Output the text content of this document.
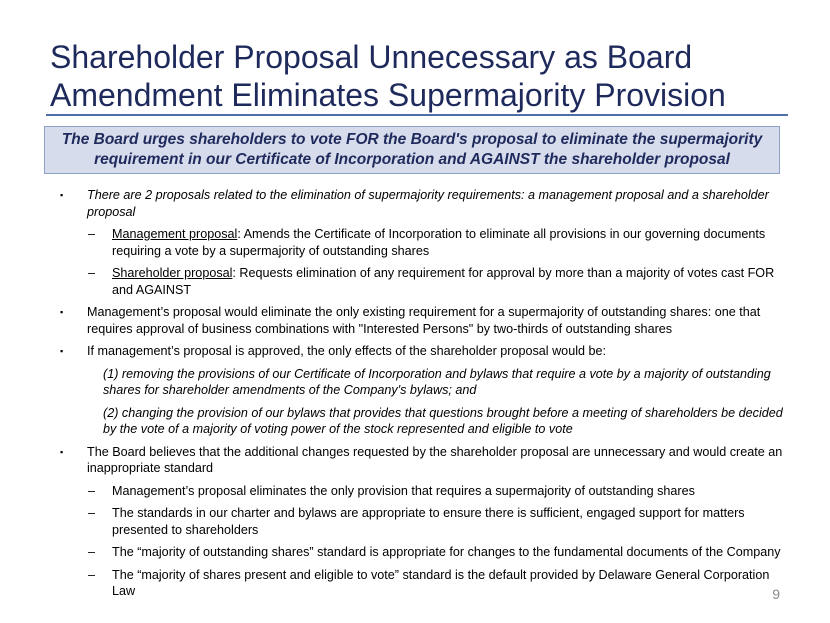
Shareholder Proposal Unnecessary as Board Amendment Eliminates Supermajority Provision
The Board urges shareholders to vote FOR the Board's proposal to eliminate the supermajority requirement in our Certificate of Incorporation and AGAINST the shareholder proposal
▪ There are 2 proposals related to the elimination of supermajority requirements: a management proposal and a shareholder proposal
– Management proposal: Amends the Certificate of Incorporation to eliminate all provisions in our governing documents requiring a vote by a supermajority of outstanding shares
– Shareholder proposal: Requests elimination of any requirement for approval by more than a majority of votes cast FOR and AGAINST
▪ Management’s proposal would eliminate the only existing requirement for a supermajority of outstanding shares: one that requires approval of business combinations with "Interested Persons" by two-thirds of outstanding shares
▪ If management’s proposal is approved, the only effects of the shareholder proposal would be:
(1) removing the provisions of our Certificate of Incorporation and bylaws that require a vote by a majority of outstanding shares for shareholder amendments of the Company's bylaws; and
(2) changing the provision of our bylaws that provides that questions brought before a meeting of shareholders be decided by the vote of a majority of voting power of the stock represented and eligible to vote
▪ The Board believes that the additional changes requested by the shareholder proposal are unnecessary and would create an inappropriate standard
– Management’s proposal eliminates the only provision that requires a supermajority of outstanding shares
– The standards in our charter and bylaws are appropriate to ensure there is sufficient, engaged support for matters presented to shareholders
– The “majority of outstanding shares” standard is appropriate for changes to the fundamental documents of the Company
– The “majority of shares present and eligible to vote” standard is the default provided by Delaware General Corporation Law	9
